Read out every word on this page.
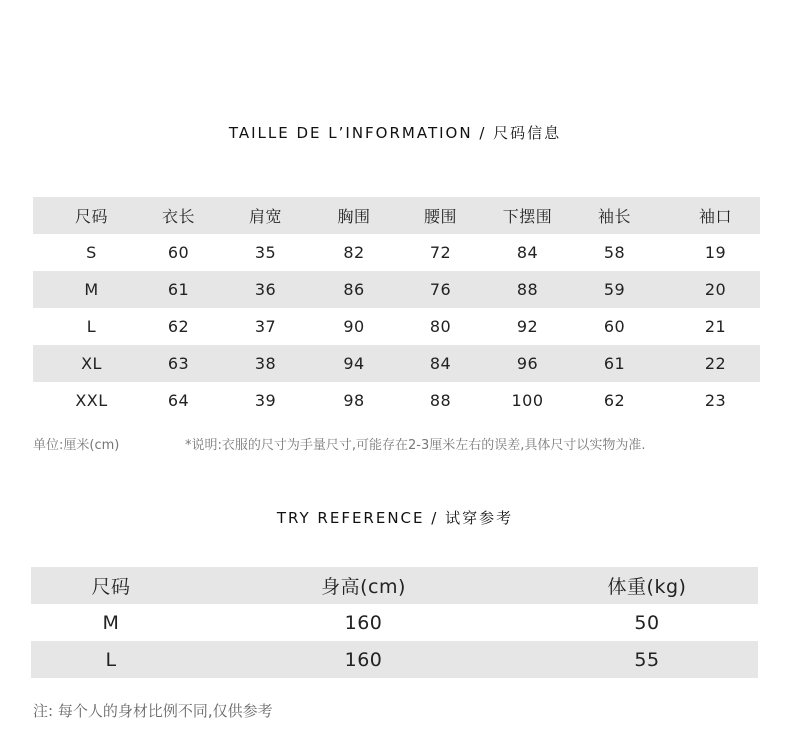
TAILLE DE L’INFORMATION / 尺码信息
尺码	衣长	肩宽	胸围	腰围	下摆围	袖长	袖口
S	60	35	82	72	84	58	19
M	61	36	86	76	88	59	20
L	62	37	90	80	92	60	21
XL	63	38	94	84	96	61	22
XXL	64	39	98	88	100	62	23
单位:厘米(cm)	*说明:衣服的尺寸为手量尺寸,可能存在2-3厘米左右的误差,具体尺寸以实物为准.
TRY REFERENCE / 试穿参考
尺码	身高(cm)	体重(kg)
M	160	50
L	160	55
注: 每个人的身材比例不同,仅供参考
